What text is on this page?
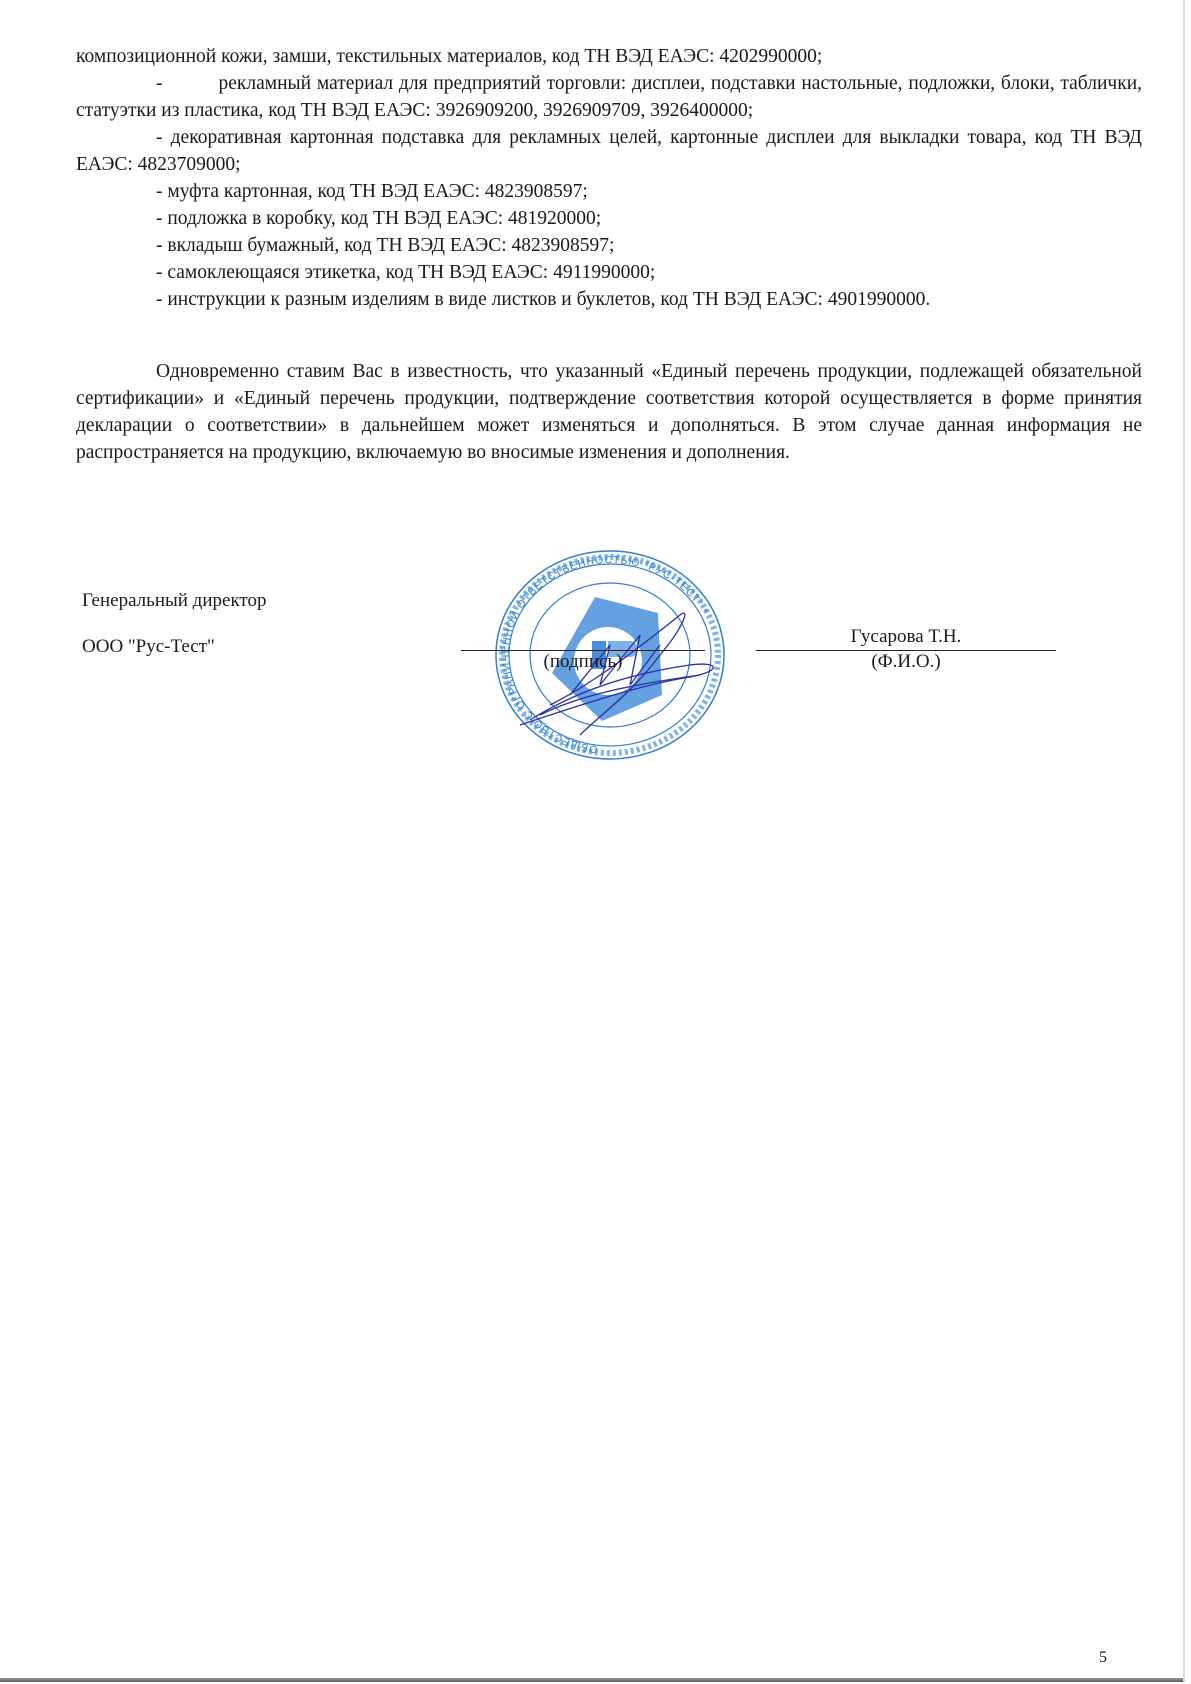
композиционной кожи, замши, текстильных материалов, код ТН ВЭД ЕАЭС: 4202990000;

-	рекламный материал для предприятий торговли: дисплеи, подставки настольные, подложки, блоки, таблички, статуэтки из пластика, код ТН ВЭД ЕАЭС: 3926909200, 3926909709, 3926400000;

- декоративная картонная подставка для рекламных целей, картонные дисплеи для выкладки товара, код ТН ВЭД ЕАЭС: 4823709000;

- муфта картонная, код ТН ВЭД ЕАЭС: 4823908597;

- подложка в коробку, код ТН ВЭД ЕАЭС: 481920000;

- вкладыш бумажный, код ТН ВЭД ЕАЭС: 4823908597;

- самоклеющаяся этикетка, код ТН ВЭД ЕАЭС: 4911990000;

- инструкции к разным изделиям в виде листков и буклетов, код ТН ВЭД ЕАЭС: 4901990000.

Одновременно ставим Вас в известность, что указанный «Единый перечень продукции, подлежащей обязательной сертификации» и «Единый перечень продукции, подтверждение соответствия которой осуществляется в форме принятия декларации о соответствии» в дальнейшем может изменяться и дополняться. В этом случае данная информация не распространяется на продукцию, включаемую во вносимые изменения и дополнения.

Генеральный директор
ООО "Рус-Тест"
ОБЩЕСТВО С ОГРАНИЧ ННОЙ ОТВЕТСТВЕННОСТЬЮ "РУС-ТЕСТ" *
(подпись)
Гусарова Т.Н.
(Ф.И.О.)
5
